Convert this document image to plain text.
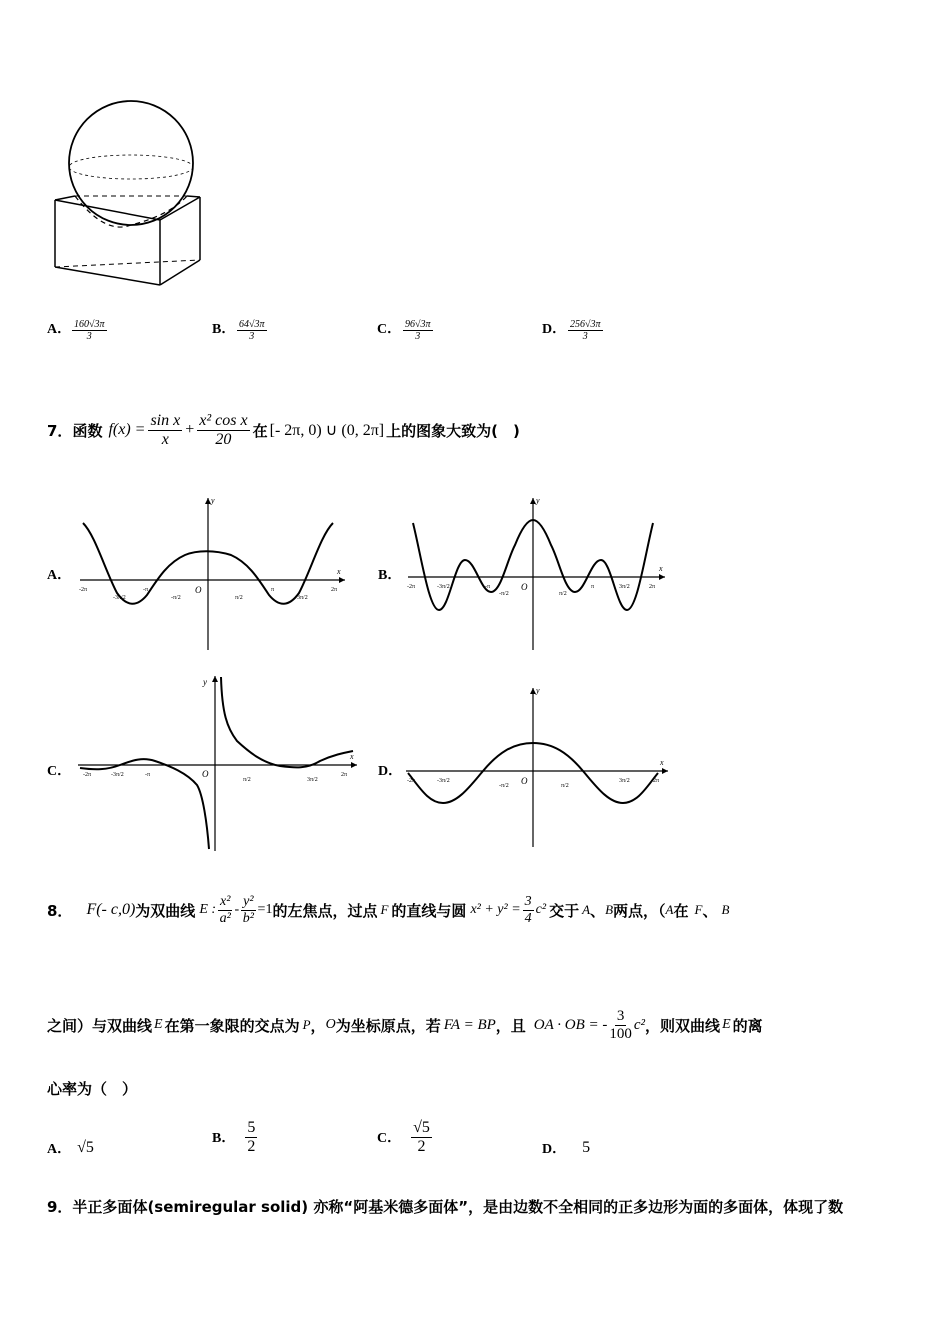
A． $\frac{160√3\pi}{3}$	B． $\frac{64√3\pi}{3}$	C． $\frac{96√3\pi}{3}$	D． $\frac{256√3\pi}{3}$
7． 函数 $f(x) = \frac{\text{sin x}}{x} + \frac{\text{x² cos x}}{20}$ 在 [- 2π, 0) ∪ (0, 2π] 上的图象大致为(　)
A．
y
x
O
-2π
-3π/2
-π
-π/2	π/2
π
3π/2
2π
B．
y
x
O
-2π	-3π/2	-π
-π/2	π/2
π	3π/2	2π
C．
y
x
O
-2π	-3π/2	-π
π/2	3π/2
2π D．
y
x
O
-2π	-3π/2
-π/2	π/2
3π/2	2π
8． F(- c,0) 为双曲线 E : $\frac{\text{x²}}{\text{a²}} - \frac{\text{y²}}{\text{b²}} =1$ 的左焦点，过点 F 的直线与圆 $x^2 + y^2 = \frac{3}{4} c^2$ 交于 A 、 B 两点，（ A 在 F 、 B
之间）与双曲线 E 在第一象限的交点为 P ， O 为坐标原点，若 FA = BP ，且 OA · OB = - $\frac{3}{100} c^2$ ，则双曲线 E 的离
心率为（　）
A． √5
B． $\frac{5}{2}$	C． $\frac{√5}{2}$	D． 5
9．半正多面体(semiregular solid) 亦称“阿基米德多面体”，是由边数不全相同的正多边形为面的多面体，体现了数
